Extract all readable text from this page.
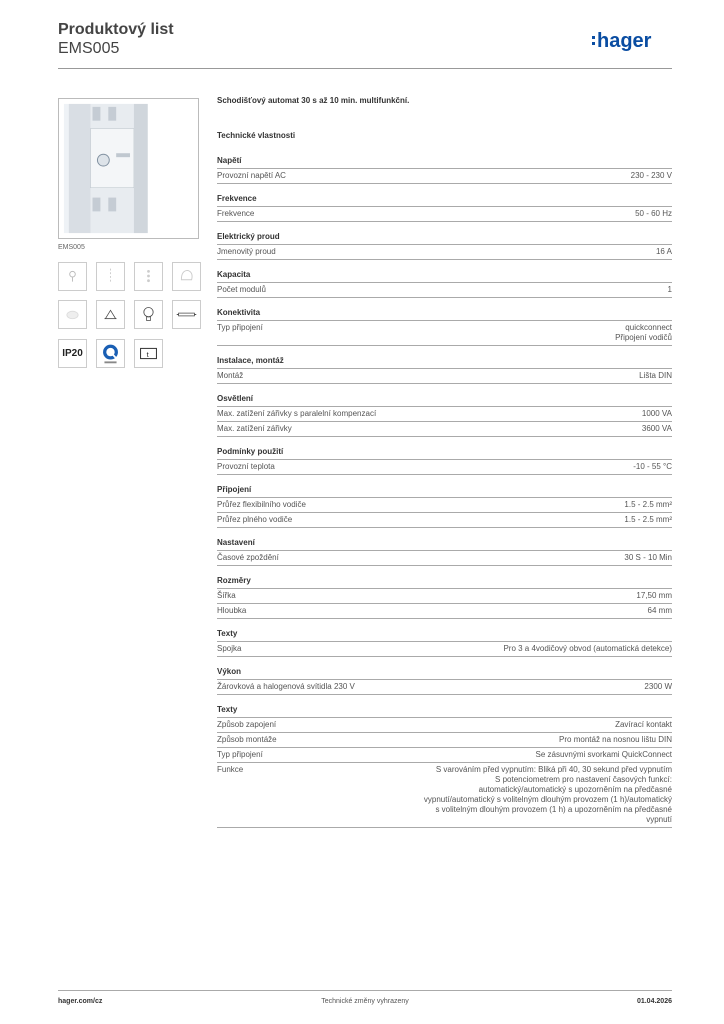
Produktový list
EMS005	hager
EMS005
IP20	t
Schodišťový automat 30 s až 10 min. multifunkční.
Technické vlastnosti
Napětí
Provozní napětí AC	230 - 230 V
Frekvence
Frekvence	50 - 60 Hz
Elektrický proud
Jmenovitý proud	16 A
Kapacita
Počet modulů	1
Konektivita
Typ připojení	quickconnect
Připojení vodičů
Instalace, montáž
Montáž	Lišta DIN
Osvětlení
Max. zatížení zářivky s paralelní kompenzací	1000 VA
Max. zatížení zářivky	3600 VA
Podmínky použití
Provozní teplota	-10 - 55 °C
Připojení
Průřez flexibilního vodiče	1.5 - 2.5 mm²
Průřez plného vodiče	1.5 - 2.5 mm²
Nastavení
Časové zpoždění	30 S - 10 Min
Rozměry
Šířka	17,50 mm
Hloubka	64 mm
Texty
Spojka	Pro 3 a 4vodičový obvod (automatická detekce)
Výkon
Žárovková a halogenová svítidla 230 V	2300 W
Texty
Způsob zapojení	Zavírací kontakt
Způsob montáže	Pro montáž na nosnou lištu DIN
Typ připojení	Se zásuvnými svorkami QuickConnect
Funkce	S varováním před vypnutím: Bliká při 40, 30 sekund před vypnutím
S potenciometrem pro nastavení časových funkcí: automatický/automatický s upozorněním na předčasné vypnutí/automatický s volitelným dlouhým provozem (1 h)/automatický s volitelným dlouhým provozem (1 h) a upozorněním na předčasné vypnutí
hager.com/cz	Technické změny vyhrazeny	01.04.2026
